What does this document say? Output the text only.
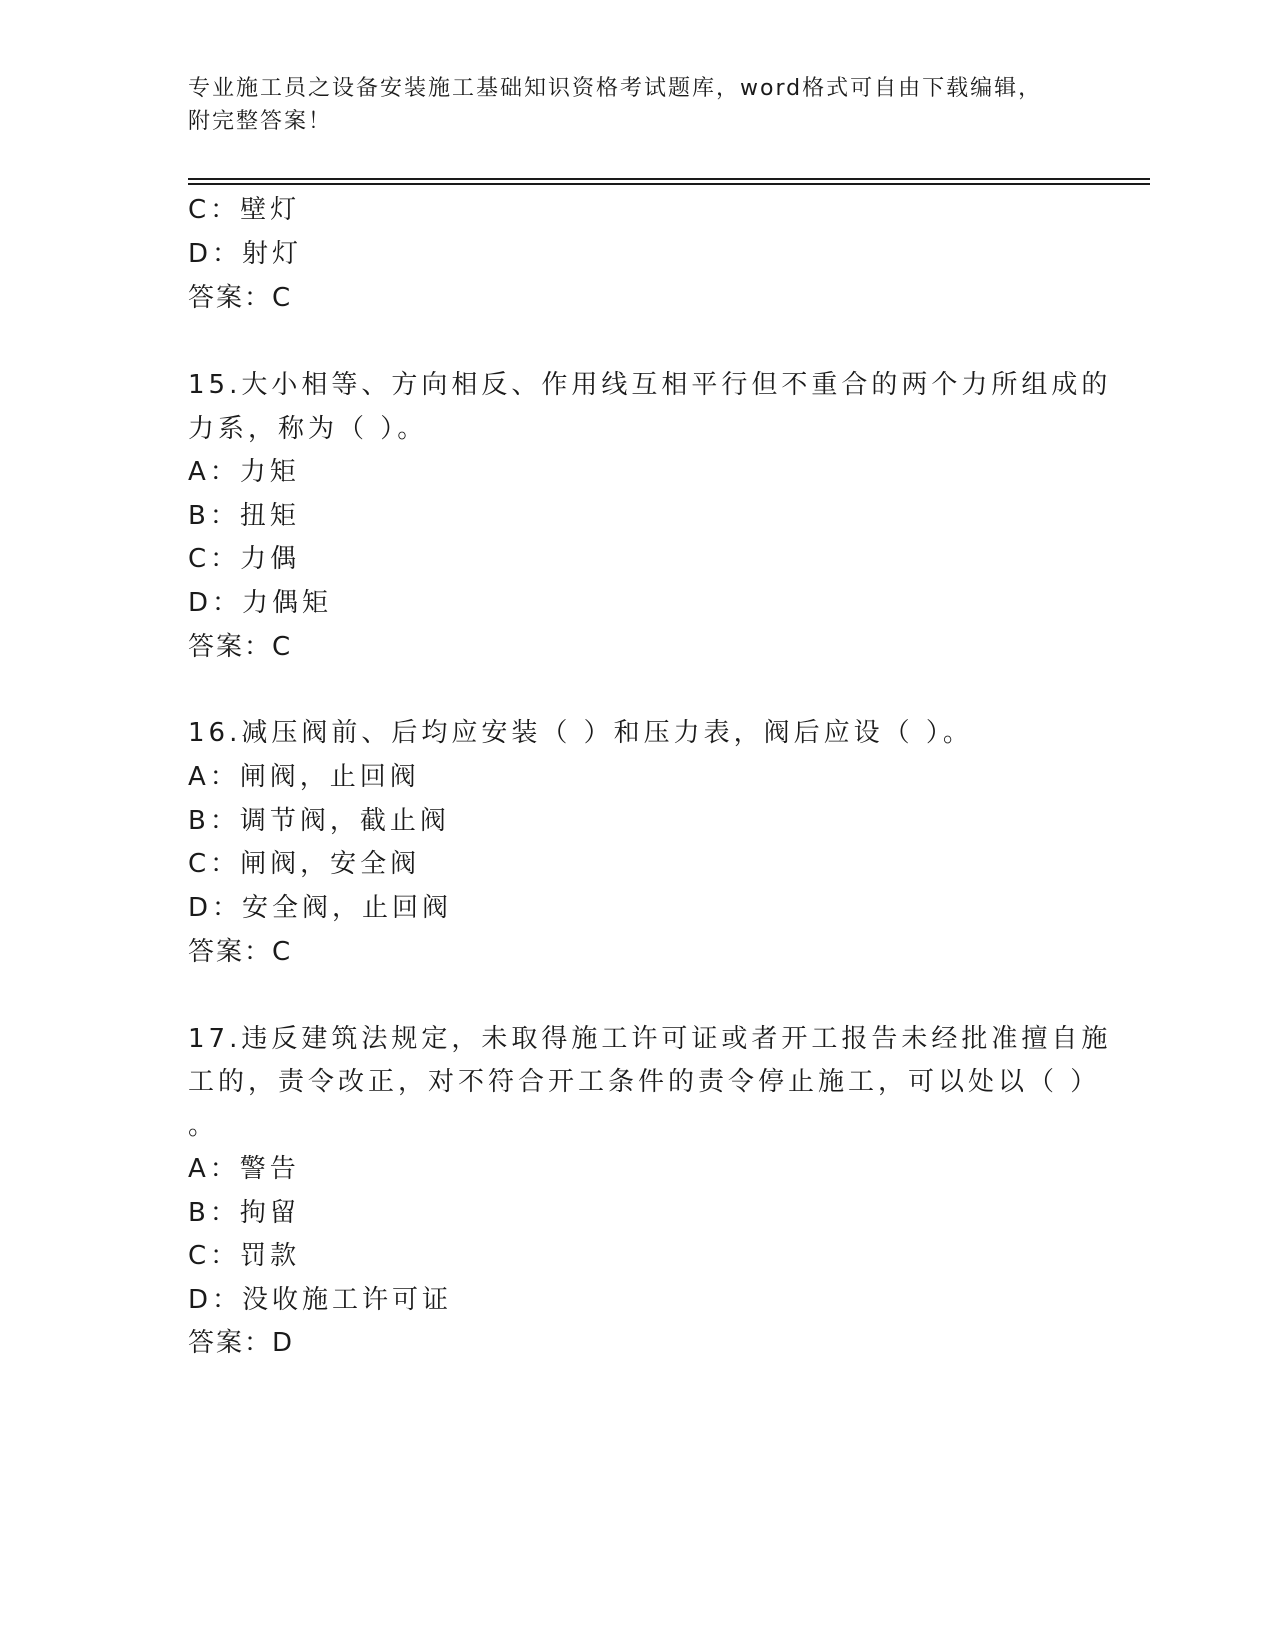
专业施工员之设备安装施工基础知识资格考试题库，word格式可自由下载编辑，
附完整答案！
C：壁灯
D：射灯
答案：C
15.大小相等、方向相反、作用线互相平行但不重合的两个力所组成的
力系，称为（ ）。
A：力矩
B：扭矩
C：力偶
D：力偶矩
答案：C
16.减压阀前、后均应安装（ ）和压力表，阀后应设（ ）。
A：闸阀，止回阀
B：调节阀，截止阀
C：闸阀，安全阀
D：安全阀，止回阀
答案：C
17.违反建筑法规定，未取得施工许可证或者开工报告未经批准擅自施
工的，责令改正，对不符合开工条件的责令停止施工，可以处以（ ）
。
A：警告
B：拘留
C：罚款
D：没收施工许可证
答案：D
